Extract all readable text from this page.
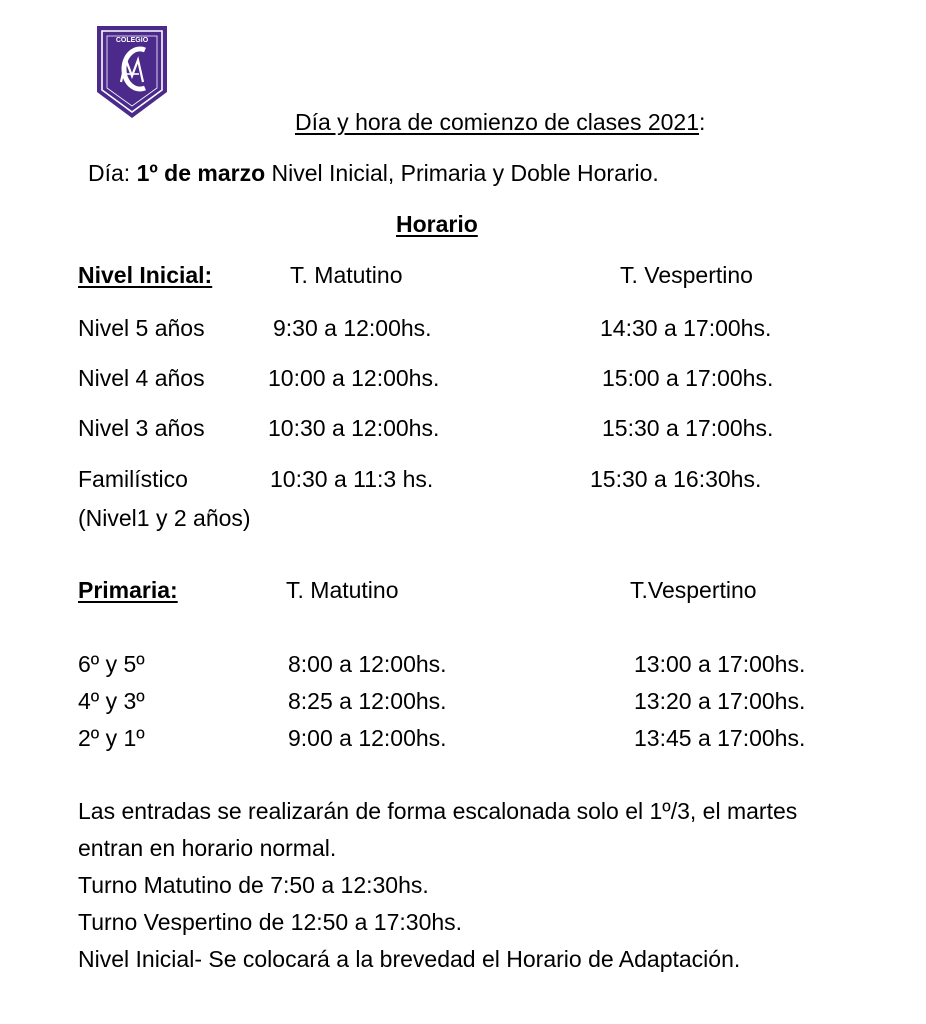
COLEGIO
Día y hora de comienzo de clases 2021:
Día: 1º de marzo Nivel Inicial, Primaria y Doble Horario.
Horario
Nivel Inicial:	T. Matutino	T. Vespertino
Nivel 5 años	9:30 a 12:00hs.	14:30 a 17:00hs.
Nivel 4 años	10:00 a 12:00hs.	15:00 a 17:00hs.
Nivel 3 años	10:30 a 12:00hs.	15:30 a 17:00hs.
Familístico	10:30 a 11:3 hs.	15:30 a 16:30hs.
(Nivel1 y 2 años)
Primaria:	T. Matutino	T.Vespertino
6º y 5º	8:00 a 12:00hs.	13:00 a 17:00hs.
4º y 3º	8:25 a 12:00hs.	13:20 a 17:00hs.
2º y 1º	9:00 a 12:00hs.	13:45 a 17:00hs.
Las entradas se realizarán de forma escalonada solo el 1º/3, el martes
entran en horario normal.
Turno Matutino de 7:50 a 12:30hs.
Turno Vespertino de 12:50 a 17:30hs.
Nivel Inicial- Se colocará a la brevedad el Horario de Adaptación.
